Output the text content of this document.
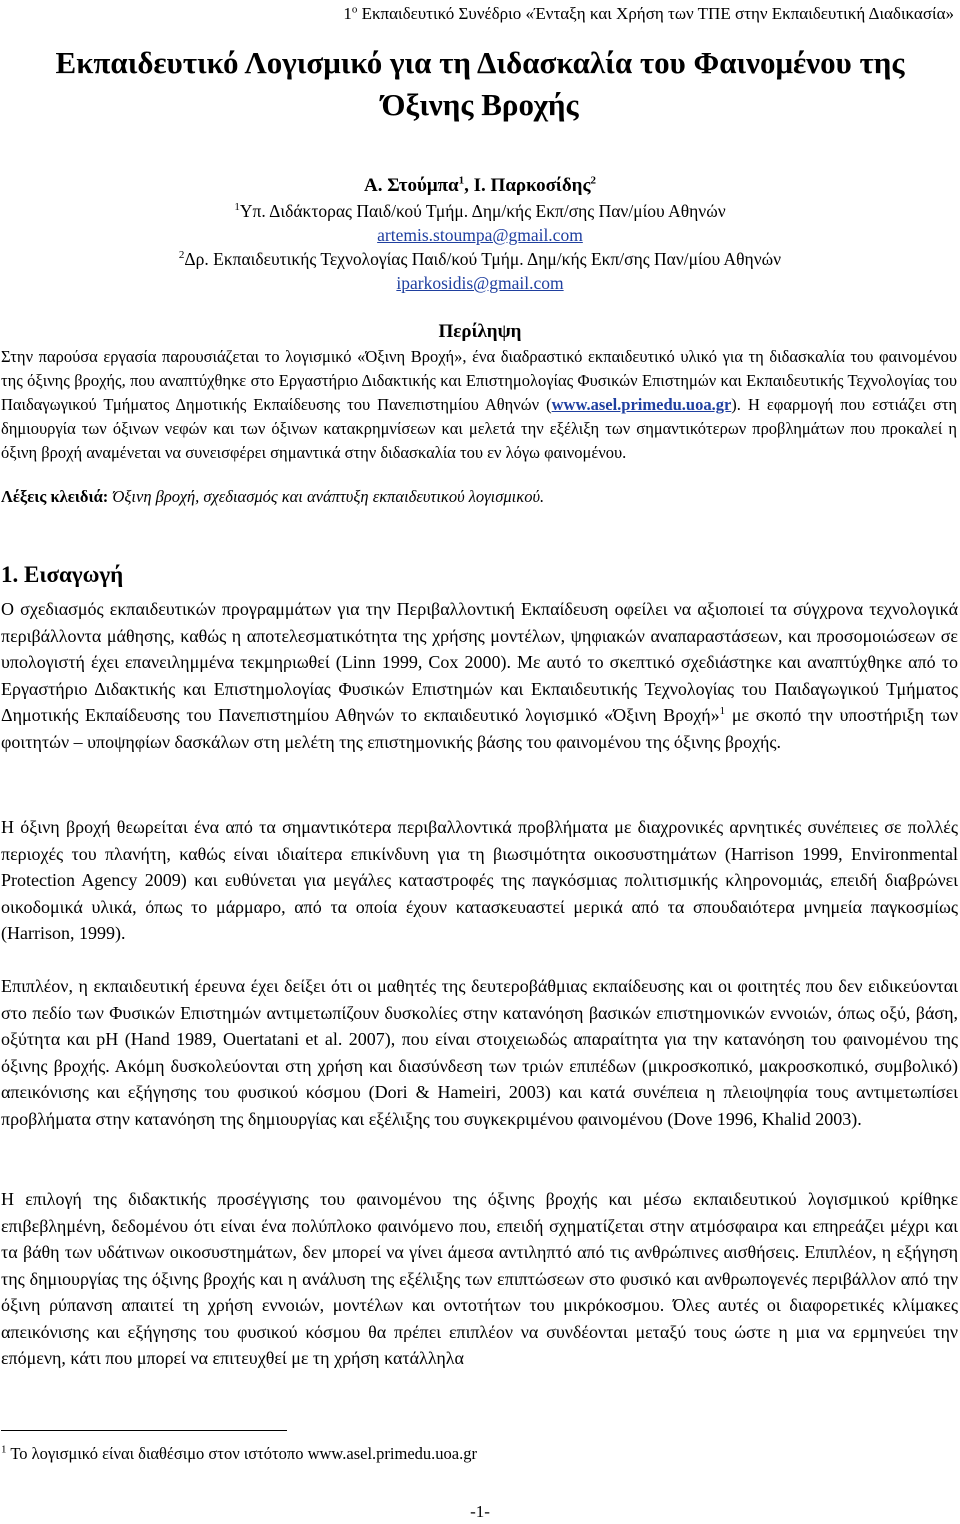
1$^o$ Εκπαιδευτικό Συνέδριο «Ένταξη και Χρήση των ΤΠΕ στην Εκπαιδευτική Διαδικασία»
Εκπαιδευτικό Λογισμικό για τη Διδασκαλία του Φαινομένου της
Όξινης Βροχής
Α. Στούμπα$^1$, Ι. Παρκοσίδης$^2$
$^1$Υπ. Διδάκτορας Παιδ/κού Τμήμ. Δημ/κής Εκπ/σης Παν/μίου Αθηνών
artemis.stoumpa@gmail.com
$^2$Δρ. Εκπαιδευτικής Τεχνολογίας Παιδ/κού Τμήμ. Δημ/κής Εκπ/σης Παν/μίου Αθηνών
iparkosidis@gmail.com
Περίληψη
Στην παρούσα εργασία παρουσιάζεται το λογισμικό «Όξινη Βροχή», ένα διαδραστικό εκπαιδευτικό υλικό για τη διδασκαλία του φαινομένου της όξινης βροχής, που αναπτύχθηκε στο Εργαστήριο Διδακτικής και Επιστημολογίας Φυσικών Επιστημών και Εκπαιδευτικής Τεχνολογίας του Παιδαγωγικού Τμήματος Δημοτικής Εκπαίδευσης του Πανεπιστημίου Αθηνών (www.asel.primedu.uoa.gr). Η εφαρμογή που εστιάζει στη δημιουργία των όξινων νεφών και των όξινων κατακρημνίσεων και μελετά την εξέλιξη των σημαντικότερων προβλημάτων που προκαλεί η όξινη βροχή αναμένεται να συνεισφέρει σημαντικά στην διδασκαλία του εν λόγω φαινομένου.
Λέξεις κλειδιά: Όξινη βροχή, σχεδιασμός και ανάπτυξη εκπαιδευτικού λογισμικού.
1. Εισαγωγή
Ο σχεδιασμός εκπαιδευτικών προγραμμάτων για την Περιβαλλοντική Εκπαίδευση οφείλει να αξιοποιεί τα σύγχρονα τεχνολογικά περιβάλλοντα μάθησης, καθώς η αποτελεσματικότητα της χρήσης μοντέλων, ψηφιακών αναπαραστάσεων, και προσομοιώσεων σε υπολογιστή έχει επανειλημμένα τεκμηριωθεί (Linn 1999, Cox 2000). Με αυτό το σκεπτικό σχεδιάστηκε και αναπτύχθηκε από το Εργαστήριο Διδακτικής και Επιστημολογίας Φυσικών Επιστημών και Εκπαιδευτικής Τεχνολογίας του Παιδαγωγικού Τμήματος Δημοτικής Εκπαίδευσης του Πανεπιστημίου Αθηνών το εκπαιδευτικό λογισμικό «Όξινη Βροχή»$^1$ με σκοπό την υποστήριξη των φοιτητών – υποψηφίων δασκάλων στη μελέτη της επιστημονικής βάσης του φαινομένου της όξινης βροχής.
Η όξινη βροχή θεωρείται ένα από τα σημαντικότερα περιβαλλοντικά προβλήματα με διαχρονικές αρνητικές συνέπειες σε πολλές περιοχές του πλανήτη, καθώς είναι ιδιαίτερα επικίνδυνη για τη βιωσιμότητα οικοσυστημάτων (Harrison 1999, Environmental Protection Agency 2009) και ευθύνεται για μεγάλες καταστροφές της παγκόσμιας πολιτισμικής κληρονομιάς, επειδή διαβρώνει οικοδομικά υλικά, όπως το μάρμαρο, από τα οποία έχουν κατασκευαστεί μερικά από τα σπουδαιότερα μνημεία παγκοσμίως (Harrison, 1999).
Επιπλέον, η εκπαιδευτική έρευνα έχει δείξει ότι οι μαθητές της δευτεροβάθμιας εκπαίδευσης και οι φοιτητές που δεν ειδικεύονται στο πεδίο των Φυσικών Επιστημών αντιμετωπίζουν δυσκολίες στην κατανόηση βασικών επιστημονικών εννοιών, όπως οξύ, βάση, οξύτητα και pH (Hand 1989, Ouertatani et al. 2007), που είναι στοιχειωδώς απαραίτητα για την κατανόηση του φαινομένου της όξινης βροχής. Ακόμη δυσκολεύονται στη χρήση και διασύνδεση των τριών επιπέδων (μικροσκοπικό, μακροσκοπικό, συμβολικό) απεικόνισης και εξήγησης του φυσικού κόσμου (Dori & Hameiri, 2003) και κατά συνέπεια η πλειοψηφία τους αντιμετωπίσει προβλήματα στην κατανόηση της δημιουργίας και εξέλιξης του συγκεκριμένου φαινομένου (Dove 1996, Khalid 2003).
Η επιλογή της διδακτικής προσέγγισης του φαινομένου της όξινης βροχής και μέσω εκπαιδευτικού λογισμικού κρίθηκε επιβεβλημένη, δεδομένου ότι είναι ένα πολύπλοκο φαινόμενο που, επειδή σχηματίζεται στην ατμόσφαιρα και επηρεάζει μέχρι και τα βάθη των υδάτινων οικοσυστημάτων, δεν μπορεί να γίνει άμεσα αντιληπτό από τις ανθρώπινες αισθήσεις. Επιπλέον, η εξήγηση της δημιουργίας της όξινης βροχής και η ανάλυση της εξέλιξης των επιπτώσεων στο φυσικό και ανθρωπογενές περιβάλλον από την όξινη ρύπανση απαιτεί τη χρήση εννοιών, μοντέλων και οντοτήτων του μικρόκοσμου. Όλες αυτές οι διαφορετικές κλίμακες απεικόνισης και εξήγησης του φυσικού κόσμου θα πρέπει επιπλέον να συνδέονται μεταξύ τους ώστε η μια να ερμηνεύει την επόμενη, κάτι που μπορεί να επιτευχθεί με τη χρήση κατάλληλα
$^1$ Το λογισμικό είναι διαθέσιμο στον ιστότοπο www.asel.primedu.uoa.gr
-1-
